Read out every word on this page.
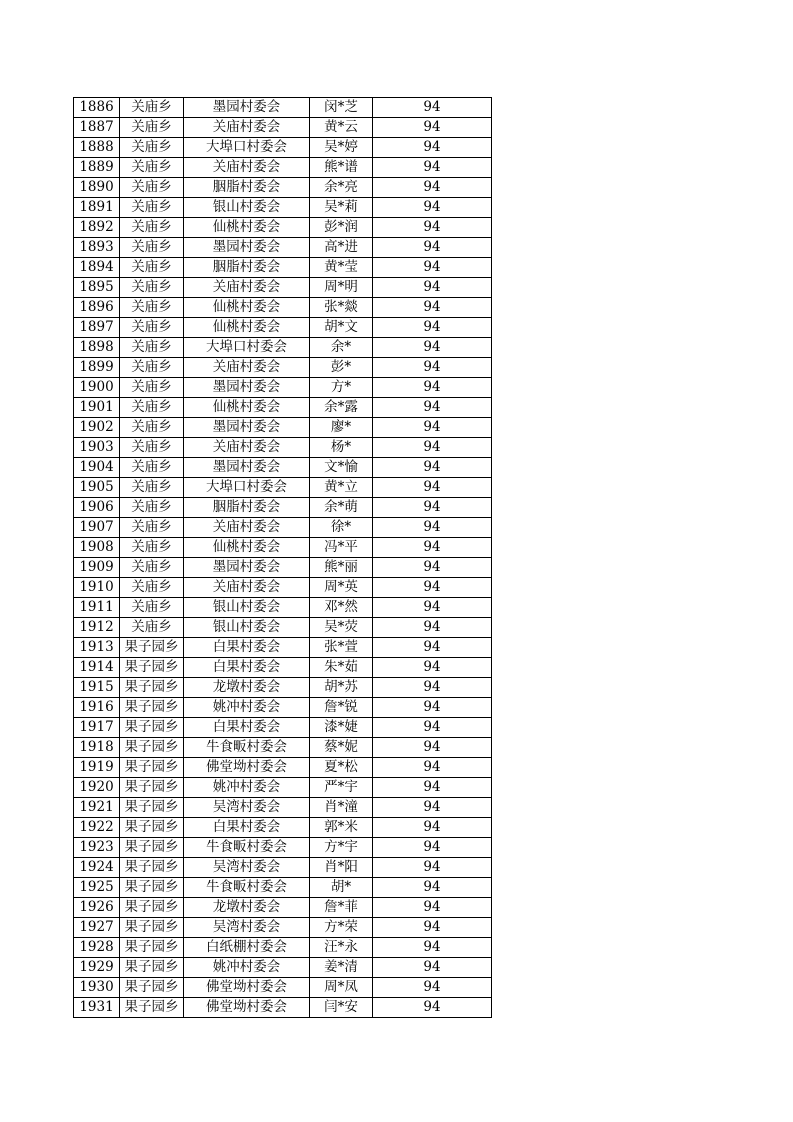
1886	关庙乡	墨园村委会	闵*芝	94
1887	关庙乡	关庙村委会	黄*云	94
1888	关庙乡	大埠口村委会	吴*婷	94
1889	关庙乡	关庙村委会	熊*谱	94
1890	关庙乡	胭脂村委会	余*亮	94
1891	关庙乡	银山村委会	吴*莉	94
1892	关庙乡	仙桃村委会	彭*润	94
1893	关庙乡	墨园村委会	高*进	94
1894	关庙乡	胭脂村委会	黄*莹	94
1895	关庙乡	关庙村委会	周*明	94
1896	关庙乡	仙桃村委会	张*燚	94
1897	关庙乡	仙桃村委会	胡*文	94
1898	关庙乡	大埠口村委会	余*	94
1899	关庙乡	关庙村委会	彭*	94
1900	关庙乡	墨园村委会	方*	94
1901	关庙乡	仙桃村委会	余*露	94
1902	关庙乡	墨园村委会	廖*	94
1903	关庙乡	关庙村委会	杨*	94
1904	关庙乡	墨园村委会	文*愉	94
1905	关庙乡	大埠口村委会	黄*立	94
1906	关庙乡	胭脂村委会	余*萌	94
1907	关庙乡	关庙村委会	徐*	94
1908	关庙乡	仙桃村委会	冯*平	94
1909	关庙乡	墨园村委会	熊*丽	94
1910	关庙乡	关庙村委会	周*英	94
1911	关庙乡	银山村委会	邓*然	94
1912	关庙乡	银山村委会	吴*荧	94
1913	果子园乡	白果村委会	张*萱	94
1914	果子园乡	白果村委会	朱*茹	94
1915	果子园乡	龙墩村委会	胡*苏	94
1916	果子园乡	姚冲村委会	詹*锐	94
1917	果子园乡	白果村委会	漆*婕	94
1918	果子园乡	牛食畈村委会	蔡*妮	94
1919	果子园乡	佛堂坳村委会	夏*松	94
1920	果子园乡	姚冲村委会	严*宇	94
1921	果子园乡	吴湾村委会	肖*潼	94
1922	果子园乡	白果村委会	郭*米	94
1923	果子园乡	牛食畈村委会	方*宇	94
1924	果子园乡	吴湾村委会	肖*阳	94
1925	果子园乡	牛食畈村委会	胡*	94
1926	果子园乡	龙墩村委会	詹*菲	94
1927	果子园乡	吴湾村委会	方*荣	94
1928	果子园乡	白纸棚村委会	汪*永	94
1929	果子园乡	姚冲村委会	姜*清	94
1930	果子园乡	佛堂坳村委会	周*凤	94
1931	果子园乡	佛堂坳村委会	闫*安	94
